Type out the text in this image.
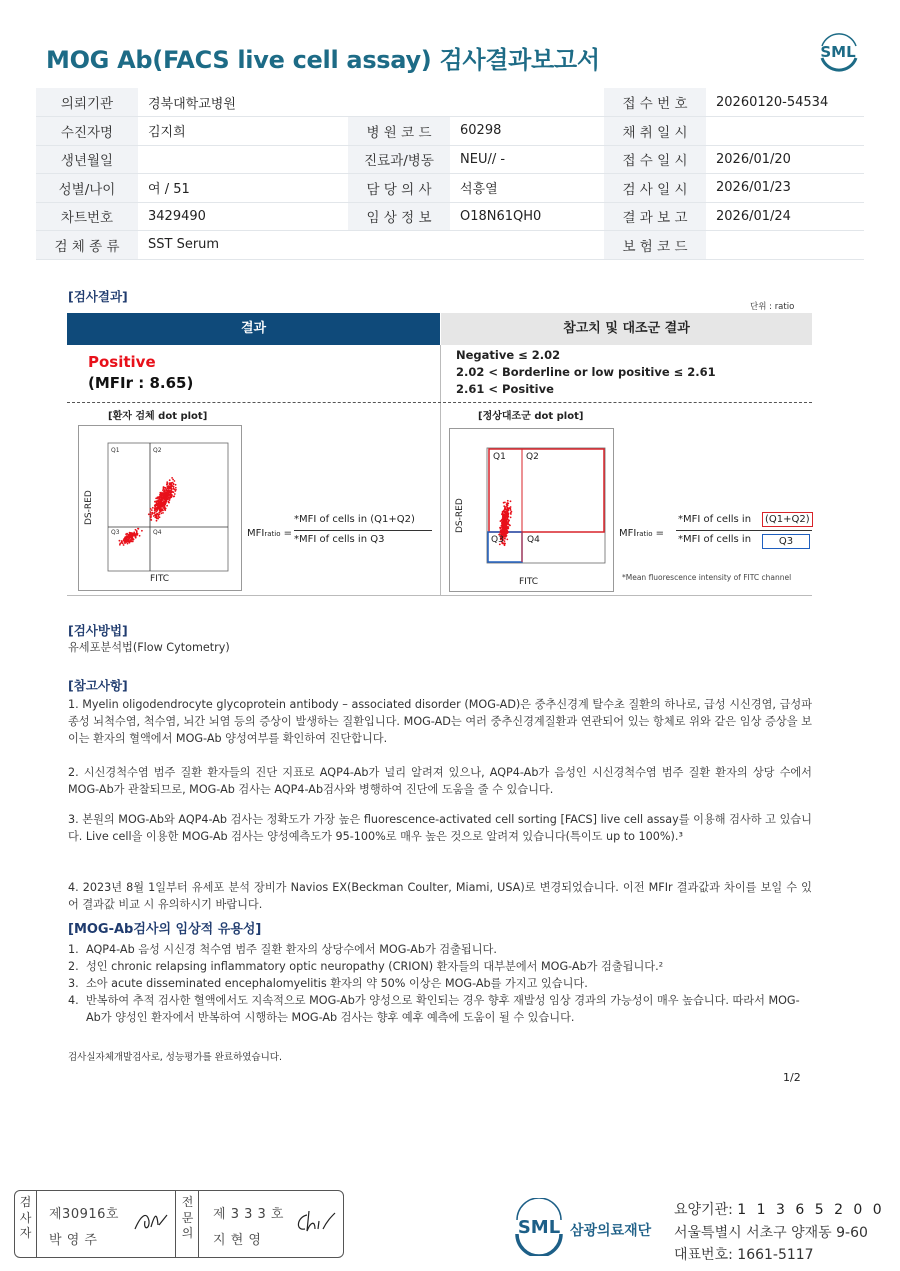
MOG Ab(FACS live cell assay) 검사결과보고서	SML
의뢰기관	경북대학교병원			접 수 번 호	20260120-54534
수진자명	김지희	병 원 코 드	60298	채 취 일 시	
생년월일		진료과/병동	NEU// -	접 수 일 시	2026/01/20
성별/나이	여 / 51	담 당 의 사	석흥열	검 사 일 시	2026/01/23
차트번호	3429490	임 상 정 보	O18N61QH0	결 과 보 고	2026/01/24
검 체 종 류	SST Serum			보 험 코 드	
[검사결과]
단위 : ratio
결과	참고치 및 대조군 결과
Positive
(MFIr : 8.65)
Negative ≤ 2.02
2.02 < Borderline or low positive ≤ 2.61
2.61 < Positive
[환자 검체 dot plot]	[정상대조군 dot plot]
Q1	Q2
Q3	Q4
DS-RED
FITC
MFIratio =
*MFI of cells in (Q1+Q2)
*MFI of cells in Q3
Q1 Q2
Q3	Q4
DS-RED
FITC
MFIratio =
*MFI of cells in	(Q1+Q2)
*MFI of cells in	Q3
*Mean fluorescence intensity of FITC channel
[검사방법]
유세포분석법(Flow Cytometry)
[참고사항]
1. Myelin oligodendrocyte glycoprotein antibody – associated disorder (MOG-AD)은 중추신경계 탈수초 질환의 하나로, 급성 시신경염, 급성파종성 뇌척수염, 척수염, 뇌간 뇌염 등의 증상이 발생하는 질환입니다. MOG-AD는 여러 중추신경계질환과 연관되어 있는 항체로 위와 같은 임상 증상을 보이는 환자의 혈액에서 MOG-Ab 양성여부를 확인하여 진단합니다.
2. 시신경척수염 범주 질환 환자들의 진단 지표로 AQP4-Ab가 널리 알려져 있으나, AQP4-Ab가 음성인 시신경척수염 범주 질환 환자의 상당 수에서 MOG-Ab가 관찰되므로, MOG-Ab 검사는 AQP4-Ab검사와 병행하여 진단에 도움을 줄 수 있습니다.
3. 본원의 MOG-Ab와 AQP4-Ab 검사는 정확도가 가장 높은 fluorescence-activated cell sorting [FACS] live cell assay를 이용해 검사하 고 있습니다. Live cell을 이용한 MOG-Ab 검사는 양성예측도가 95-100%로 매우 높은 것으로 알려져 있습니다(특이도 up to 100%).³
4. 2023년 8월 1일부터 유세포 분석 장비가 Navios EX(Beckman Coulter, Miami, USA)로 변경되었습니다. 이전 MFIr 결과값과 차이를 보일 수 있어 결과값 비교 시 유의하시기 바랍니다.
[MOG-Ab검사의 임상적 유용성]
1. AQP4-Ab 음성 시신경 척수염 범주 질환 환자의 상당수에서 MOG-Ab가 검출됩니다.
2. 성인 chronic relapsing inflammatory optic neuropathy (CRION) 환자들의 대부분에서 MOG-Ab가 검출됩니다.²
3. 소아 acute disseminated encephalomyelitis 환자의 약 50% 이상은 MOG-Ab를 가지고 있습니다.
4. 반복하여 추적 검사한 혈액에서도 지속적으로 MOG-Ab가 양성으로 확인되는 경우 향후 재발성 임상 경과의 가능성이 매우 높습니다. 따라서 MOG-Ab가 양성인 환자에서 반복하여 시행하는 MOG-Ab 검사는 향후 예후 예측에 도움이 될 수 있습니다.
검사실자체개발검사로, 성능평가를 완료하였습니다.
1/2
검사자
제30916호
박 영 주
전문의
제 3 3 3 호
지 현 영
SML 삼광의료재단
요양기관: 1 1 3 6 5 2 0 0
서울특별시 서초구 양재동 9-60
대표번호: 1661-5117
